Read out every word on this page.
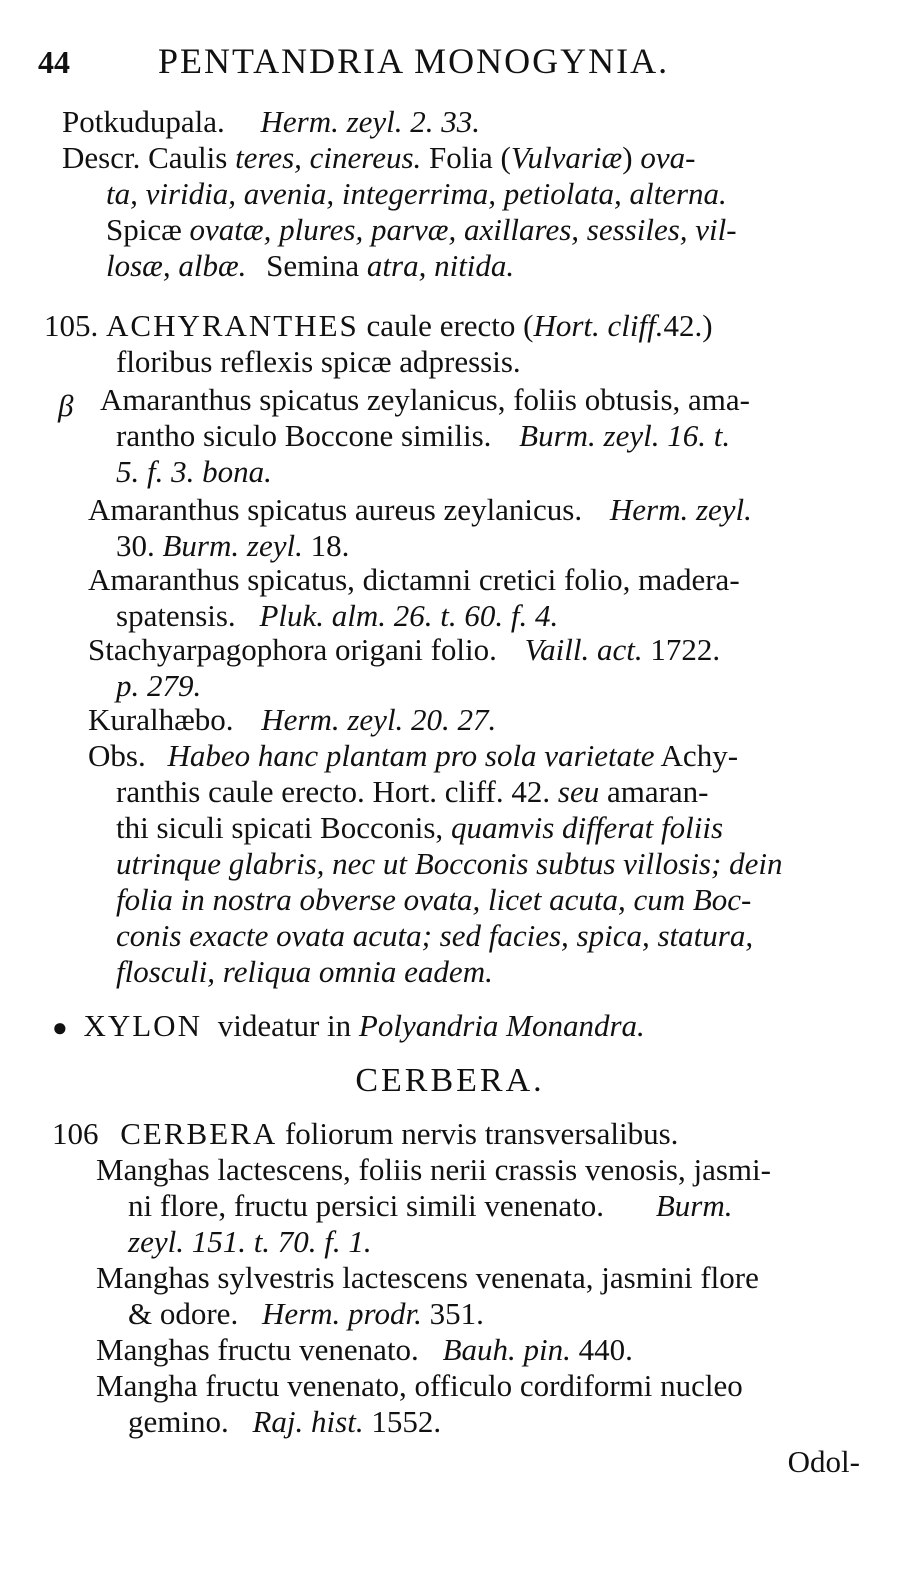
44 PENTANDRIA MONOGYNIA.
Potkudupala. Herm. zeyl. 2. 33.
Descr. Caulis teres, cinereus. Folia (Vulvariæ) ova-
ta, viridia, avenia, integerrima, petiolata, alterna.
Spicæ ovatæ, plures, parvæ, axillares, sessiles, vil-
losæ, albæ. Semina atra, nitida.
105. ACHYRANTHES caule erecto (Hort. cliff.42.)
floribus reflexis spicæ adpressis.
β Amaranthus spicatus zeylanicus, foliis obtusis, ama-
rantho siculo Boccone similis. Burm. zeyl. 16. t.
5. f. 3. bona.
Amaranthus spicatus aureus zeylanicus. Herm. zeyl.
30. Burm. zeyl. 18.
Amaranthus spicatus, dictamni cretici folio, madera-
spatensis. Pluk. alm. 26. t. 60. f. 4.
Stachyarpagophora origani folio. Vaill. act. 1722.
p. 279.
Kuralhæbo. Herm. zeyl. 20. 27.
Obs. Habeo hanc plantam pro sola varietate Achy-
ranthis caule erecto. Hort. cliff. 42. seu amaran-
thi siculi spicati Bocconis, quamvis differat foliis
utrinque glabris, nec ut Bocconis subtus villosis; dein
folia in nostra obverse ovata, licet acuta, cum Boc-
conis exacte ovata acuta; sed facies, spica, statura,
flosculi, reliqua omnia eadem.
● XYLON videatur in Polyandria Monandra.
CERBERA.
106 CERBERA foliorum nervis transversalibus.
Manghas lactescens, foliis nerii crassis venosis, jasmi-
ni flore, fructu persici simili venenato. Burm.
zeyl. 151. t. 70. f. 1.
Manghas sylvestris lactescens venenata, jasmini flore
& odore. Herm. prodr. 351.
Manghas fructu venenato. Bauh. pin. 440.
Mangha fructu venenato, officulo cordiformi nucleo
gemino. Raj. hist. 1552.
Odol-
